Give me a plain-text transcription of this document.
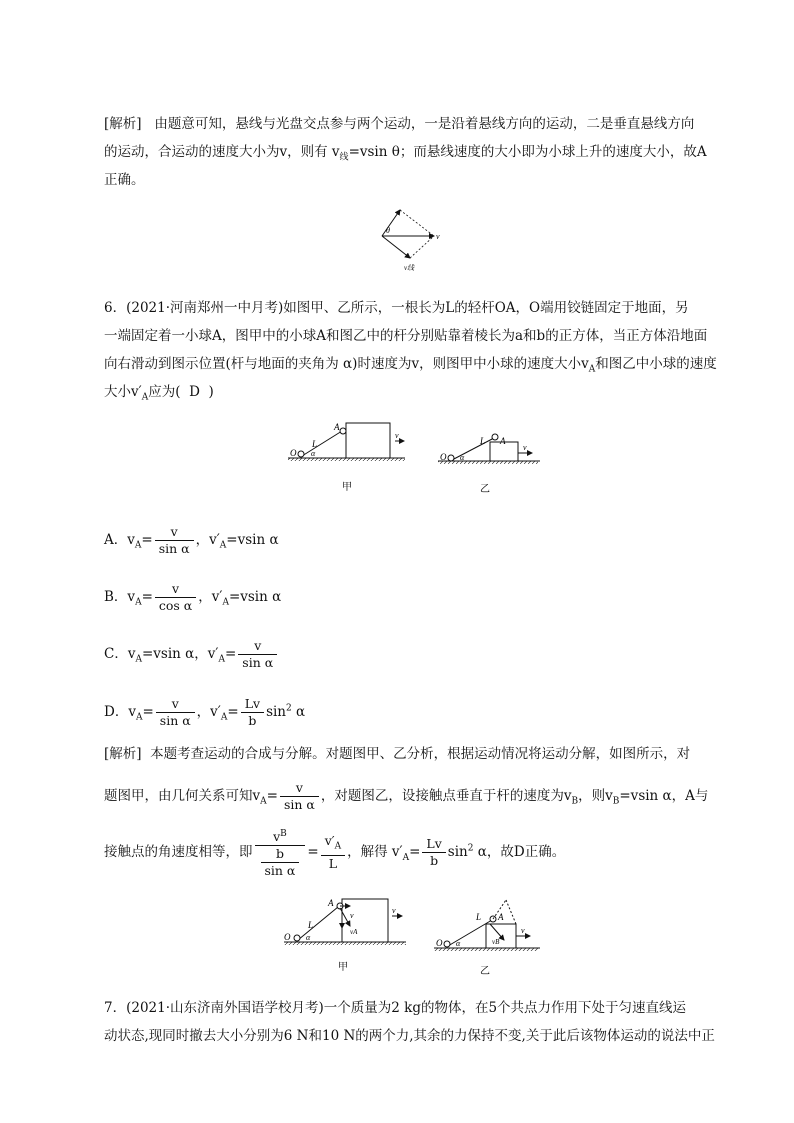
[解析] 由题意可知，悬线与光盘交点参与两个运动，一是沿着悬线方向的运动，二是垂直悬线方向
的运动，合运动的速度大小为v，则有 $v_线=vsin$ θ；而悬线速度的大小即为小球上升的速度大小，故A
正确。
θ
v
v线
6．(2021·河南郑州一中月考)如图甲、乙所示，一根长为L的轻杆OA，O端用铰链固定于地面，另
一端固定着一小球A，图甲中的小球A和图乙中的杆分别贴靠着棱长为a和b的正方体，当正方体沿地面
向右滑动到图示位置(杆与地面的夹角为 α)时速度为v，则图甲中小球的速度大小$v_A$和图乙中小球的速度
大小$v'_A$应为( D )
O α
L
A
v
甲
O α
L A
v
乙
A．$v_A= \frac{v}{\text{sin α}}$ ，$v'_A=vsin$ α
B．$v_A= \frac{v}{\text{cos α}}$ ，$v'_A=vsin$ α
C．$v_A=vsin$ α，$v'_A= \frac{v}{\text{sin α}}$
D．$v_A= \frac{v}{\text{sin α}}$ ，$v'_A= \frac{Lv}{b} \sin^2 \alpha$
[解析] 本题考查运动的合成与分解。对题图甲、乙分析，根据运动情况将运动分解，如图所示，对
题图甲，由几何关系可知$v_A= \frac{v}{\text{sin α}}$ ，对题图乙，设接触点垂直于杆的速度为$v_B$，则$v_B=vsin$ α，A与
接触点的角速度相等，即 $\frac{v^B}{\frac{b}{\text{sin α}}} = \frac{v'_A}{L}$ ，解得 $v'_A= \frac{Lv}{b} \sin^2 \alpha$，故D正确。
O α
L
A
v
vA
v
甲
O α
L A
vB
v
乙
7．(2021·山东济南外国语学校月考)一个质量为2 kg的物体，在5个共点力作用下处于匀速直线运
动状态,现同时撤去大小分别为6 N和10 N的两个力,其余的力保持不变,关于此后该物体运动的说法中正
